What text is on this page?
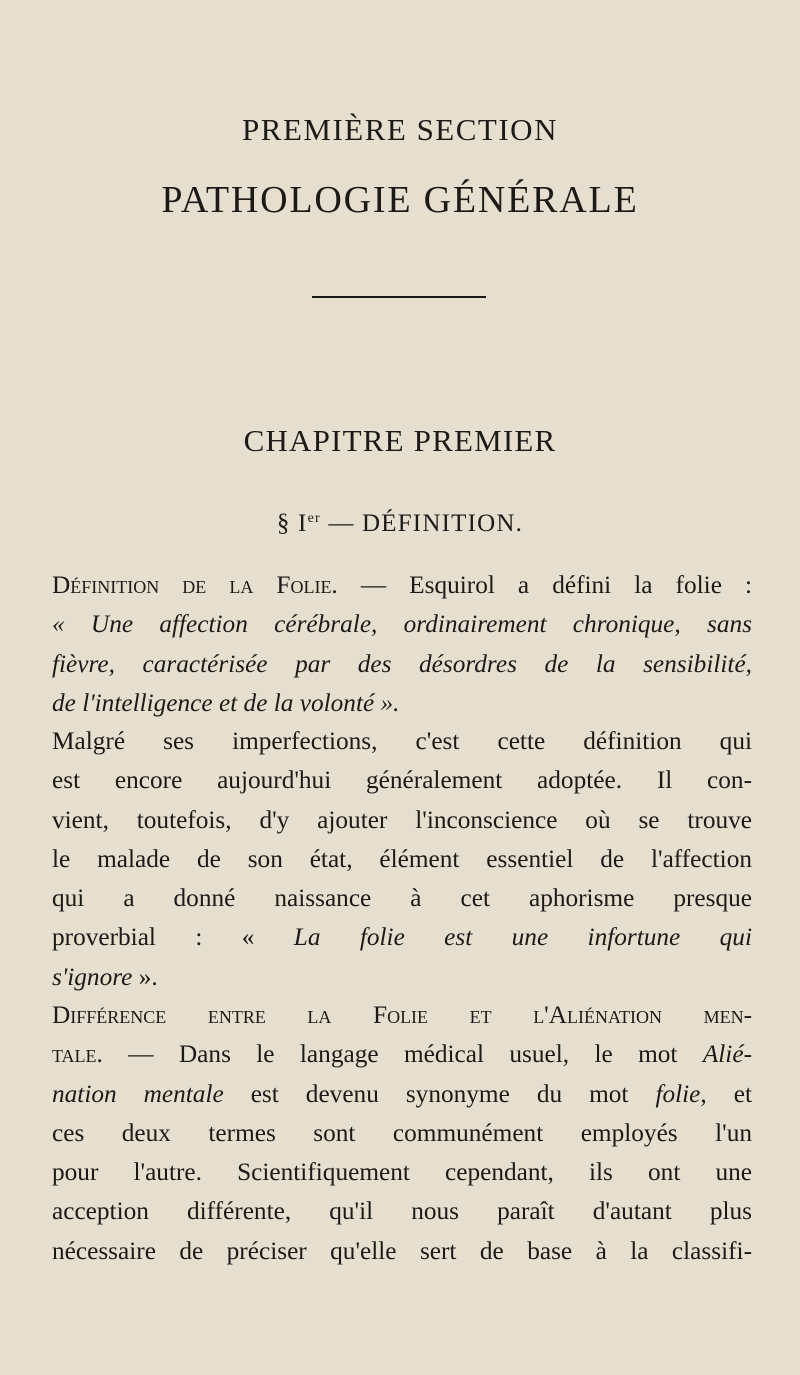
PREMIÈRE SECTION
PATHOLOGIE GÉNÉRALE
CHAPITRE PREMIER
§ Ier — DÉFINITION.
Définition de la Folie. — Esquirol a défini la folie :
« Une affection cérébrale, ordinairement chronique, sans
fièvre, caractérisée par des désordres de la sensibilité,
de l'intelligence et de la volonté ».
Malgré ses imperfections, c'est cette définition qui
est encore aujourd'hui généralement adoptée. Il con-
vient, toutefois, d'y ajouter l'inconscience où se trouve
le malade de son état, élément essentiel de l'affection
qui a donné naissance à cet aphorisme presque
proverbial : « La folie est une infortune qui
s'ignore ».
Différence entre la Folie et l'Aliénation men-
tale. — Dans le langage médical usuel, le mot Alié-
nation mentale est devenu synonyme du mot folie, et
ces deux termes sont communément employés l'un
pour l'autre. Scientifiquement cependant, ils ont une
acception différente, qu'il nous paraît d'autant plus
nécessaire de préciser qu'elle sert de base à la classifi-
